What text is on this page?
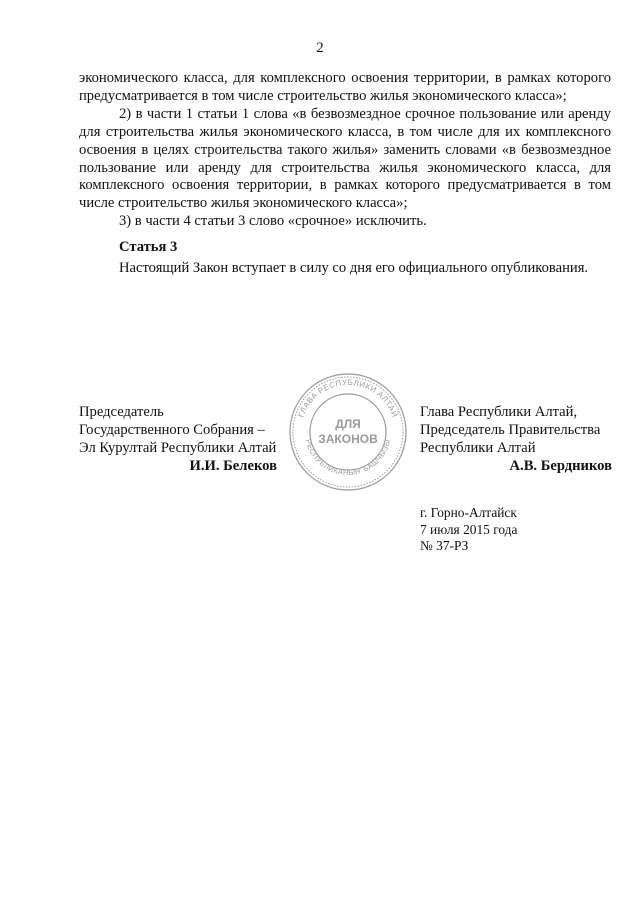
2

экономического класса, для комплексного освоения территории, в рамках которого предусматривается в том числе строительство жилья экономического класса»;

2) в части 1 статьи 1 слова «в безвозмездное срочное пользование или аренду для строительства жилья экономического класса, в том числе для их комплексного освоения в целях строительства такого жилья» заменить словами «в безвозмездное пользование или аренду для строительства жилья экономического класса, для комплексного освоения территории, в рамках которого предусматривается в том числе строительство жилья экономического класса»;

3) в части 4 статьи 3 слово «срочное» исключить.

Статья 3

Настоящий Закон вступает в силу со дня его официального опубликования.

Председатель
Государственного Собрания –
Эл Курултай Республики Алтай
И.И. Белеков
Глава Республики Алтай,
Председатель Правительства
Республики Алтай
А.В. Бердников
ГЛАВА РЕСПУБЛИКИ АЛТАЙ
РЕСПУБЛИКАНЫҤ БАШЧЫЗЫ
ДЛЯ
ЗАКОНОВ
г. Горно-Алтайск
7 июля 2015 года
№ 37-РЗ
